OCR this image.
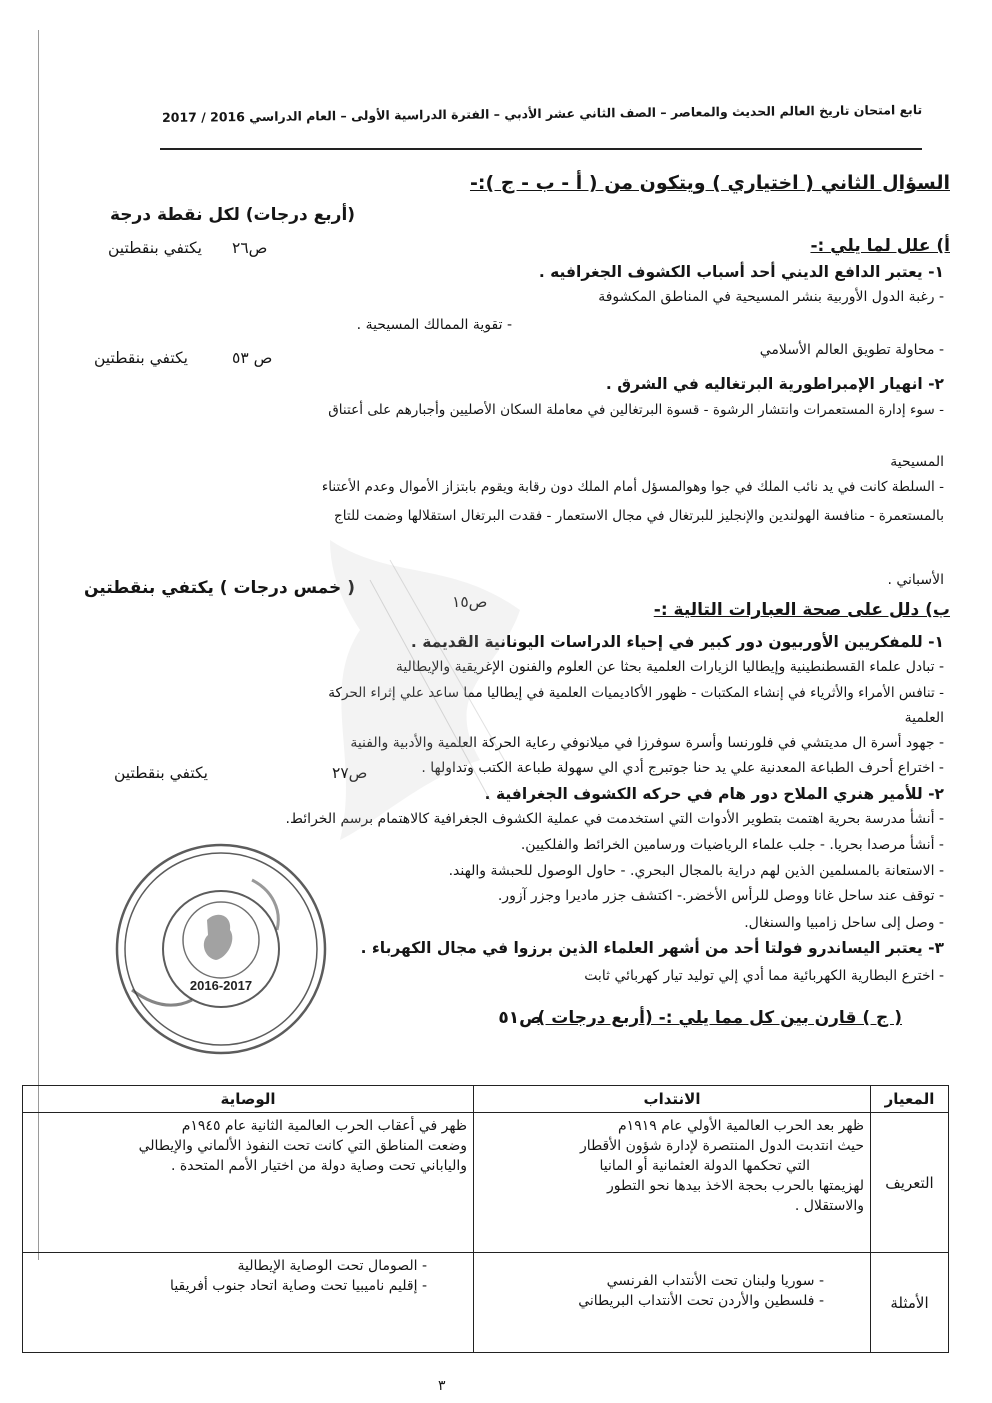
تابع امتحان تاريخ العالم الحديث والمعاصر – الصف الثاني عشر الأدبي – الفترة الدراسية الأولى – العام الدراسي 2016 / 2017
السؤال الثاني ( اختياري ) ويتكون من ( أ - ب - ج ):-
(أربع درجات) لكل نقطة درجة
ص٢٦
يكتفي بنقطتين	أ) علل لما يلي :-
١- يعتبر الدافع الديني أحد أسباب الكشوف الجغرافيه .
- رغبة الدول الأوربية بنشر المسيحية في المناطق المكشوفة
- تقوية الممالك المسيحية .
- محاولة تطويق العالم الأسلامي
ص ٥٣
يكتفي بنقطتين
٢- انهيار الإمبراطورية البرتغاليه في الشرق .
- سوء إدارة المستعمرات وانتشار الرشوة - قسوة البرتغالين في معاملة السكان الأصليين وأجبارهم على أعتناق
المسيحية
- السلطة كانت في يد نائب الملك في جوا وهوالمسؤل أمام الملك دون رقابة ويقوم بابتزاز الأموال وعدم الأعتناء
بالمستعمرة - منافسة الهولندين والإنجليز للبرتغال في مجال الاستعمار - فقدت البرتغال استقلالها وضمت للتاج
الأسباني .
ب) دلل على صحة العبارات التالية :-
ص١٥
( خمس درجات ) يكتفي بنقطتين
١- للمفكريين الأوربيون دور كبير في إحياء الدراسات اليونانية القديمة .
- تبادل علماء القسطنطينية وإيطاليا الزيارات العلمية بحثا عن العلوم والفنون الإغريقية والإيطالية
- تنافس الأمراء والأثرياء في إنشاء المكتبات - ظهور الأكاديميات العلمية في إيطاليا مما ساعد علي إثراء الحركة
العلمية
- جهود أسرة ال مديتشي في فلورنسا وأسرة سوفرزا في ميلانوفي رعاية الحركة العلمية والأدبية والفنية
- اختراع أحرف الطباعة المعدنية علي يد حنا جوتبرج أدي الي سهولة طباعة الكتب وتداولها .
ص٢٧
يكتفي بنقطتين
٢- للأمير هنري الملاح دور هام في حركه الكشوف الجغرافية .
- أنشأ مدرسة بحرية اهتمت بتطوير الأدوات التي استخدمت في عملية الكشوف الجغرافية كالاهتمام برسم الخرائط.
- أنشأ مرصدا بحريا. - جلب علماء الرياضيات ورسامين الخرائط والفلكيين.
- الاستعانة بالمسلمين الذين لهم دراية بالمجال البحري. - حاول الوصول للحبشة والهند.
- توقف عند ساحل غانا ووصل للرأس الأخضر.- اكتشف جزر ماديرا وجزر آزور.
- وصل إلى ساحل زامبيا والسنغال.
٣- يعتبر اليساندرو فولتا أحد من أشهر العلماء الذين برزوا في مجال الكهرباء .
- اخترع البطارية الكهربائية مما أدي إلي توليد تيار كهربائي ثابت
( ج ) قارن بين كل مما يلي :- (أربع درجات )
ص٥١
2016-2017
المعيار	الانتداب	الوصاية
التعريف	ظهر بعد الحرب العالمية الأولي عام ١٩١٩م
حيث انتدبت الدول المنتصرة لإدارة شؤون الأقطار
التي تحكمها الدولة العثمانية أو المانيا
لهزيمتها بالحرب بحجة الاخذ بيدها نحو التطور
والاستقلال .	ظهر في أعقاب الحرب العالمية الثانية عام ١٩٤٥م
وضعت المناطق التي كانت تحت النفوذ الألماني والإيطالي
والياباني تحت وصاية دولة من اختيار الأمم المتحدة .

الأمثلة	- سوريا ولبنان تحت الأنتداب الفرنسي
- فلسطين والأردن تحت الأنتداب البريطاني	- الصومال تحت الوصاية الإيطالية
- إقليم ناميبيا تحت وصاية اتحاد جنوب أفريقيا
٣
